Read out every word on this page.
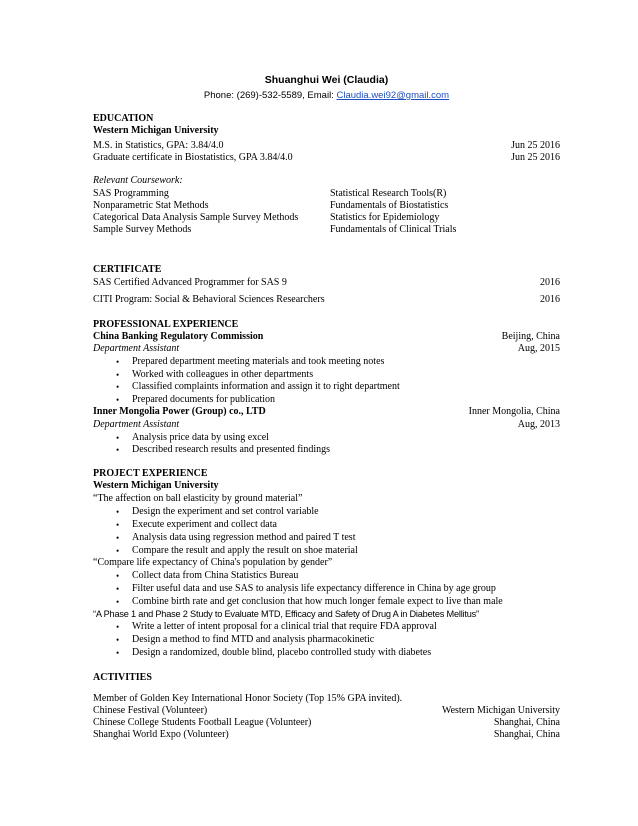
Shuanghui Wei (Claudia)
Phone: (269)-532-5589, Email: Claudia.wei92@gmail.com
EDUCATION
Western Michigan University
M.S. in Statistics, GPA: 3.84/4.0	Jun 25 2016
Graduate certificate in Biostatistics, GPA 3.84/4.0	Jun 25 2016
Relevant Coursework:
SAS Programming	Statistical Research Tools(R)
Nonparametric Stat Methods	Fundamentals of Biostatistics
Categorical Data Analysis Sample Survey Methods	Statistics for Epidemiology
Sample Survey Methods	Fundamentals of Clinical Trials
CERTIFICATE
SAS Certified Advanced Programmer for SAS 9	2016
CITI Program: Social & Behavioral Sciences Researchers	2016
PROFESSIONAL EXPERIENCE
China Banking Regulatory Commission	Beijing, China
Department Assistant	Aug, 2015
• Prepared department meeting materials and took meeting notes
• Worked with colleagues in other departments
• Classified complaints information and assign it to right department
• Prepared documents for publication
Inner Mongolia Power (Group) co., LTD	Inner Mongolia, China
Department Assistant	Aug, 2013
• Analysis price data by using excel
• Described research results and presented findings
PROJECT EXPERIENCE
Western Michigan University
“The affection on ball elasticity by ground material”
• Design the experiment and set control variable
• Execute experiment and collect data
• Analysis data using regression method and paired T test
• Compare the result and apply the result on shoe material
“Compare life expectancy of China's population by gender”
• Collect data from China Statistics Bureau
• Filter useful data and use SAS to analysis life expectancy difference in China by age group
• Combine birth rate and get conclusion that how much longer female expect to live than male
“A Phase 1 and Phase 2 Study to Evaluate MTD, Efficacy and Safety of Drug A in Diabetes Mellitus”
• Write a letter of intent proposal for a clinical trial that require FDA approval
• Design a method to find MTD and analysis pharmacokinetic
• Design a randomized, double blind, placebo controlled study with diabetes
ACTIVITIES
Member of Golden Key International Honor Society (Top 15% GPA invited).
Chinese Festival (Volunteer)	Western Michigan University
Chinese College Students Football League (Volunteer)	Shanghai, China
Shanghai World Expo (Volunteer)	Shanghai, China
